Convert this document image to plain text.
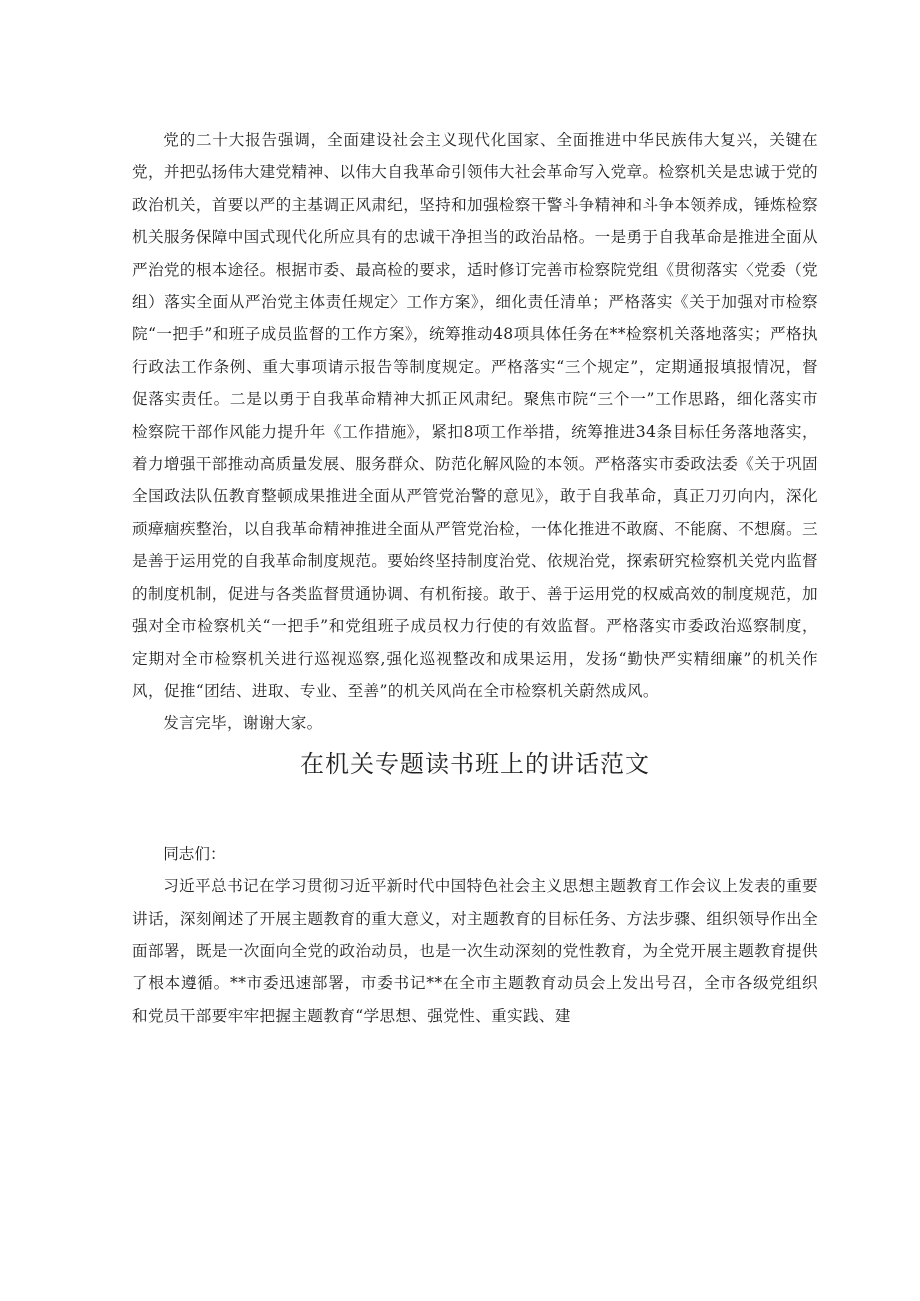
党的二十大报告强调，全面建设社会主义现代化国家、全面推进中华民族伟大复兴，关键在党，并把弘扬伟大建党精神、以伟大自我革命引领伟大社会革命写入党章。检察机关是忠诚于党的政治机关，首要以严的主基调正风肃纪，坚持和加强检察干警斗争精神和斗争本领养成，锤炼检察机关服务保障中国式现代化所应具有的忠诚干净担当的政治品格。一是勇于自我革命是推进全面从严治党的根本途径。根据市委、最高检的要求，适时修订完善市检察院党组《贯彻落实〈党委（党组）落实全面从严治党主体责任规定〉工作方案》，细化责任清单；严格落实《关于加强对市检察院“一把手”和班子成员监督的工作方案》，统筹推动48项具体任务在**检察机关落地落实；严格执行政法工作条例、重大事项请示报告等制度规定。严格落实“三个规定”，定期通报填报情况，督促落实责任。二是以勇于自我革命精神大抓正风肃纪。聚焦市院“三个一”工作思路，细化落实市检察院干部作风能力提升年《工作措施》，紧扣8项工作举措，统筹推进34条目标任务落地落实，着力增强干部推动高质量发展、服务群众、防范化解风险的本领。严格落实市委政法委《关于巩固全国政法队伍教育整顿成果推进全面从严管党治警的意见》，敢于自我革命，真正刀刃向内，深化顽瘴痼疾整治，以自我革命精神推进全面从严管党治检，一体化推进不敢腐、不能腐、不想腐。三是善于运用党的自我革命制度规范。要始终坚持制度治党、依规治党，探索研究检察机关党内监督的制度机制，促进与各类监督贯通协调、有机衔接。敢于、善于运用党的权威高效的制度规范，加强对全市检察机关“一把手”和党组班子成员权力行使的有效监督。严格落实市委政治巡察制度，定期对全市检察机关进行巡视巡察,强化巡视整改和成果运用，发扬“勤快严实精细廉”的机关作风，促推“团结、进取、专业、至善”的机关风尚在全市检察机关蔚然成风。

发言完毕，谢谢大家。

在机关专题读书班上的讲话范文

同志们：

习近平总书记在学习贯彻习近平新时代中国特色社会主义思想主题教育工作会议上发表的重要讲话，深刻阐述了开展主题教育的重大意义，对主题教育的目标任务、方法步骤、组织领导作出全面部署，既是一次面向全党的政治动员，也是一次生动深刻的党性教育，为全党开展主题教育提供了根本遵循。**市委迅速部署，市委书记**在全市主题教育动员会上发出号召，全市各级党组织和党员干部要牢牢把握主题教育“学思想、强党性、重实践、建
